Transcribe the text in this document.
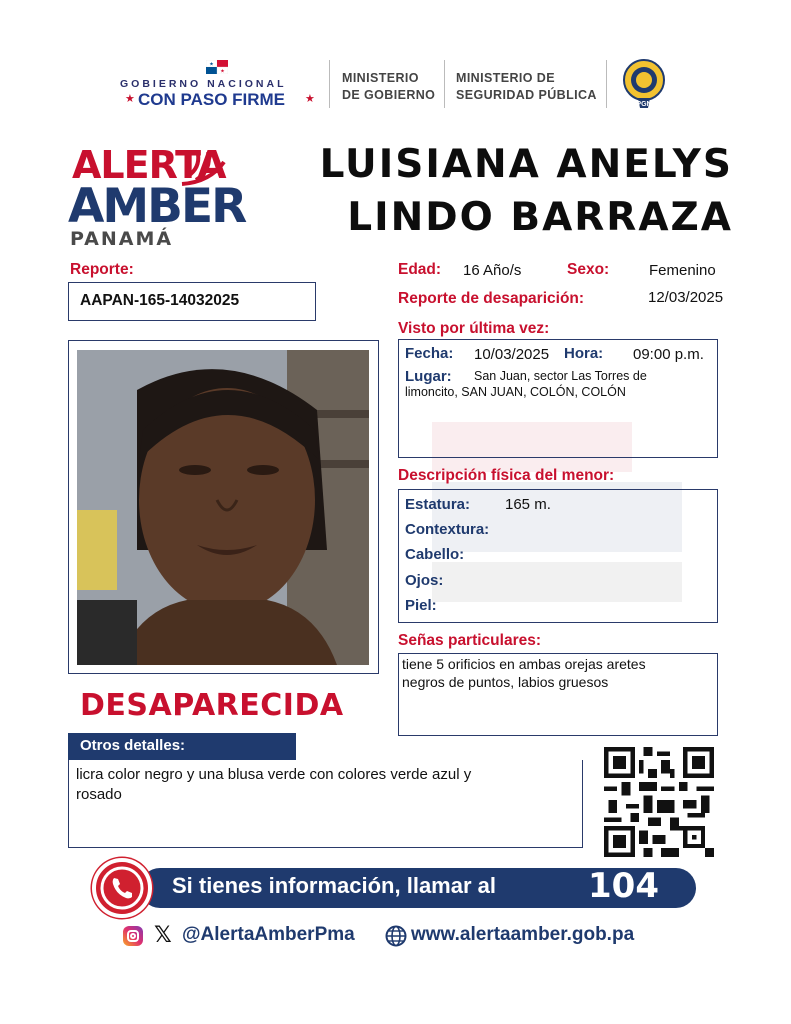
★
★
GOBIERNO NACIONAL
★ CON PASO FIRME ★
MINISTERIO
DE GOBIERNO
MINISTERIO DE
SEGURIDAD PÚBLICA
PGN
ALERTA
AMBER
PANAMÁ
LUISIANA ANELYS
LINDO BARRAZA
Reporte:
AAPAN-165-14032025
DESAPARECIDA
Edad: 16 Año/s	Sexo:	Femenino
Reporte de desaparición:	12/03/2025
Visto por última vez:
Fecha: 10/03/2025 Hora: 09:00 p.m.
Lugar: San Juan, sector Las Torres de
limoncito, SAN JUAN, COLÓN, COLÓN
Descripción física del menor:
Estatura: 165 m.
Contextura:
Cabello:
Ojos:
Piel:
Señas particulares:
tiene 5 orificios en ambas orejas aretes
negros de puntos, labios gruesos
Otros detalles:
licra color negro y una blusa verde con colores verde azul y
rosado
Si tienes información, llamar al	104
𝕏 @AlertaAmberPma	www.alertaamber.gob.pa
